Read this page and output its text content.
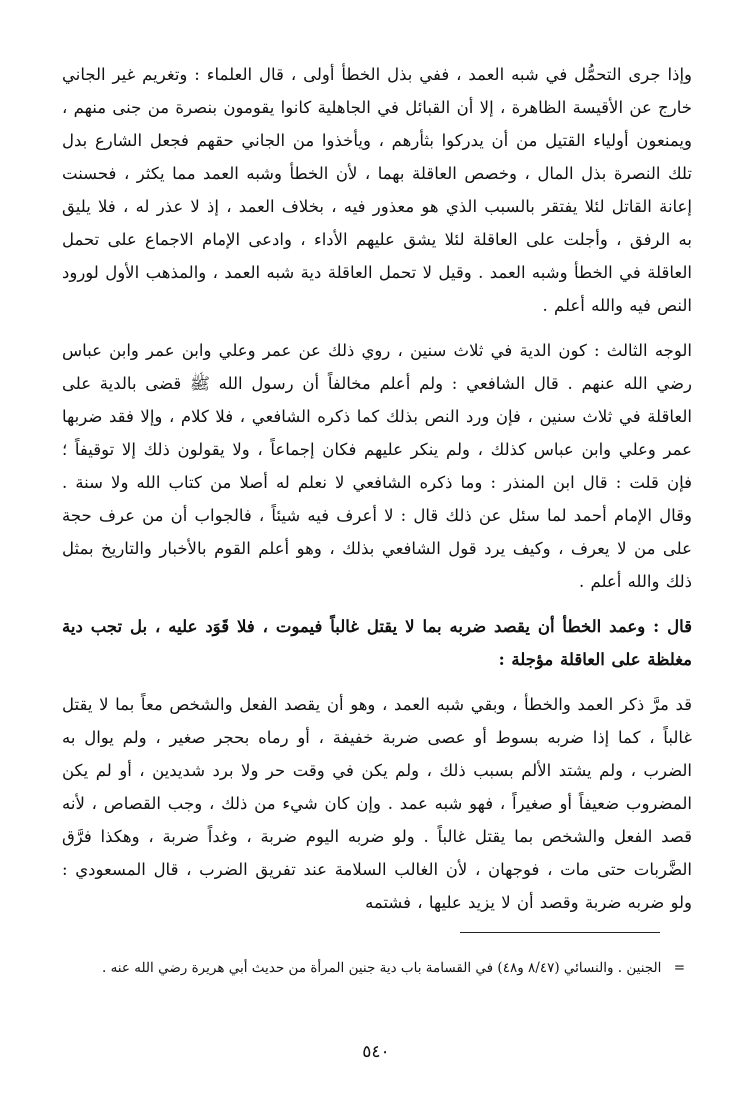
وإذا جرى التحمُّل في شبه العمد ، ففي بذل الخطأ أولى ، قال العلماء : وتغريم غير الجاني خارج عن الأقيسة الظاهرة ، إلا أن القبائل في الجاهلية كانوا يقومون بنصرة من جنى منهم ، ويمنعون أولياء القتيل من أن يدركوا بثأرهم ، ويأخذوا من الجاني حقهم فجعل الشارع بدل تلك النصرة بذل المال ، وخصص العاقلة بهما ، لأن الخطأ وشبه العمد مما يكثر ، فحسنت إعانة القاتل لئلا يفتقر بالسبب الذي هو معذور فيه ، بخلاف العمد ، إذ لا عذر له ، فلا يليق به الرفق ، وأجلت على العاقلة لئلا يشق عليهم الأداء ، وادعى الإمام الاجماع على تحمل العاقلة في الخطأ وشبه العمد . وقيل لا تحمل العاقلة دية شبه العمد ، والمذهب الأول لورود النص فيه والله أعلم .

الوجه الثالث : كون الدية في ثلاث سنين ، روي ذلك عن عمر وعلي وابن عمر وابن عباس رضي الله عنهم . قال الشافعي : ولم أعلم مخالفاً أن رسول الله ﷺ قضى بالدية على العاقلة في ثلاث سنين ، فإن ورد النص بذلك كما ذكره الشافعي ، فلا كلام ، وإلا فقد ضربها عمر وعلي وابن عباس كذلك ، ولم ينكر عليهم فكان إجماعاً ، ولا يقولون ذلك إلا توقيفاً ؛ فإن قلت : قال ابن المنذر : وما ذكره الشافعي لا نعلم له أصلا من كتاب الله ولا سنة . وقال الإمام أحمد لما سئل عن ذلك قال : لا أعرف فيه شيئاً ، فالجواب أن من عرف حجة على من لا يعرف ، وكيف يرد قول الشافعي بذلك ، وهو أعلم القوم بالأخبار والتاريخ بمثل ذلك والله أعلم .

قال : وعمد الخطأ أن يقصد ضربه بما لا يقتل غالباً فيموت ، فلا قَوَد عليه ، بل تجب دية مغلظة على العاقلة مؤجلة :

قد مرَّ ذكر العمد والخطأ ، وبقي شبه العمد ، وهو أن يقصد الفعل والشخص معاً بما لا يقتل غالباً ، كما إذا ضربه بسوط أو عصى ضربة خفيفة ، أو رماه بحجر صغير ، ولم يوال به الضرب ، ولم يشتد الألم بسبب ذلك ، ولم يكن في وقت حر ولا برد شديدين ، أو لم يكن المضروب ضعيفاً أو صغيراً ، فهو شبه عمد . وإن كان شيء من ذلك ، وجب القصاص ، لأنه قصد الفعل والشخص بما يقتل غالباً . ولو ضربه اليوم ضربة ، وغداً ضربة ، وهكذا فرَّق الضَّربات حتى مات ، فوجهان ، لأن الغالب السلامة عند تفريق الضرب ، قال المسعودي : ولو ضربه ضربة وقصد أن لا يزيد عليها ، فشتمه

= الجنين . والنسائي (٨/٤٧ و٤٨) في القسامة باب دية جنين المرأة من حديث أبي هريرة رضي الله عنه .
٥٤٠
